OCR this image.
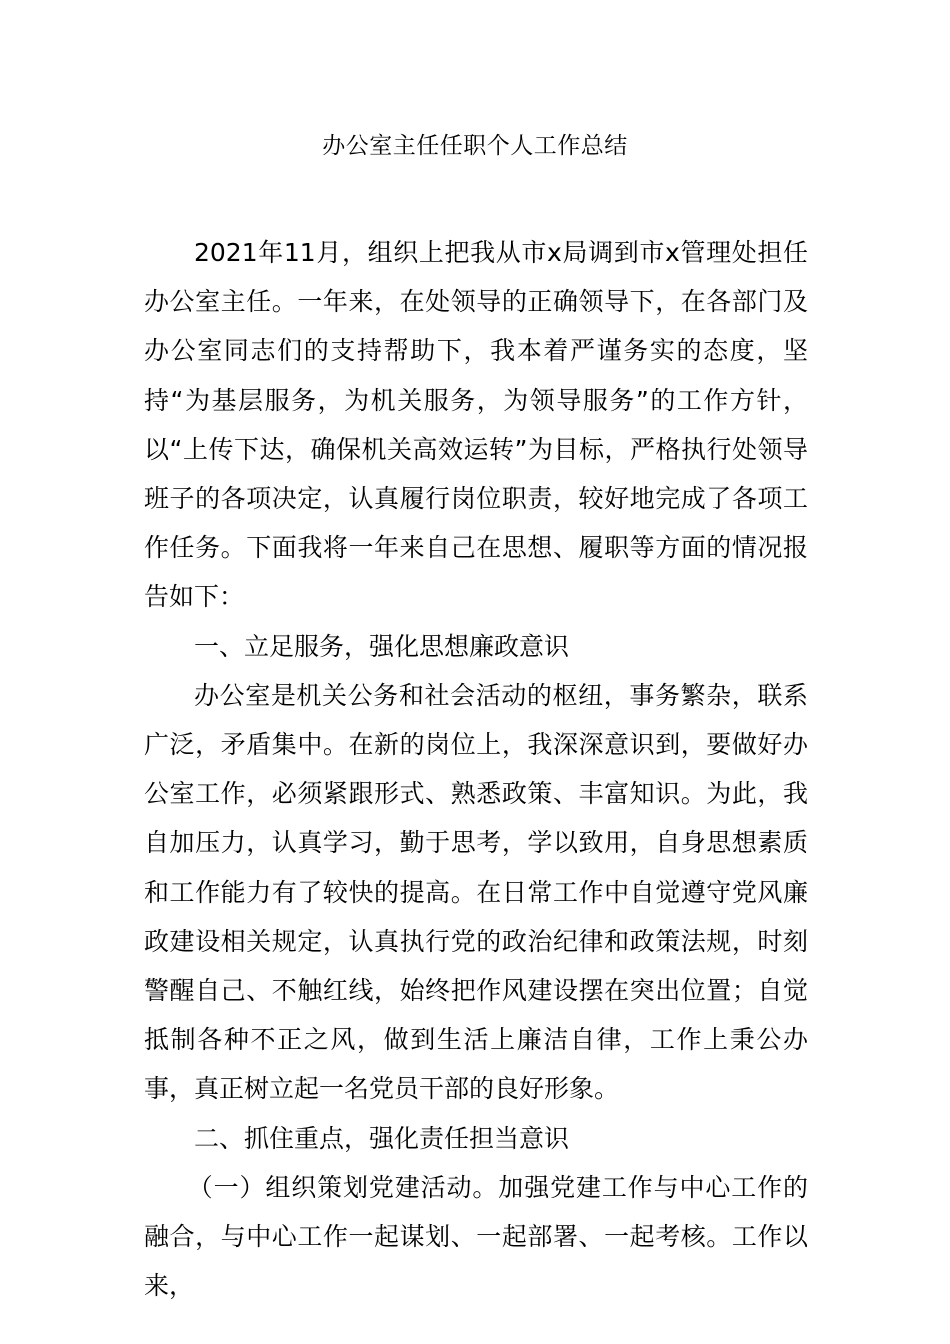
办公室主任任职个人工作总结

2021年11月，组织上把我从市x局调到市x管理处担任办公室主任。一年来，在处领导的正确领导下，在各部门及办公室同志们的支持帮助下，我本着严谨务实的态度，坚持“为基层服务，为机关服务，为领导服务”的工作方针，以“上传下达，确保机关高效运转”为目标，严格执行处领导班子的各项决定，认真履行岗位职责，较好地完成了各项工作任务。下面我将一年来自己在思想、履职等方面的情况报告如下：

一、立足服务，强化思想廉政意识

办公室是机关公务和社会活动的枢纽，事务繁杂，联系广泛，矛盾集中。在新的岗位上，我深深意识到，要做好办公室工作，必须紧跟形式、熟悉政策、丰富知识。为此，我自加压力，认真学习，勤于思考，学以致用，自身思想素质和工作能力有了较快的提高。在日常工作中自觉遵守党风廉政建设相关规定，认真执行党的政治纪律和政策法规，时刻警醒自己、不触红线，始终把作风建设摆在突出位置；自觉抵制各种不正之风，做到生活上廉洁自律，工作上秉公办事，真正树立起一名党员干部的良好形象。

二、抓住重点，强化责任担当意识

（一）组织策划党建活动。加强党建工作与中心工作的融合，与中心工作一起谋划、一起部署、一起考核。工作以来，
